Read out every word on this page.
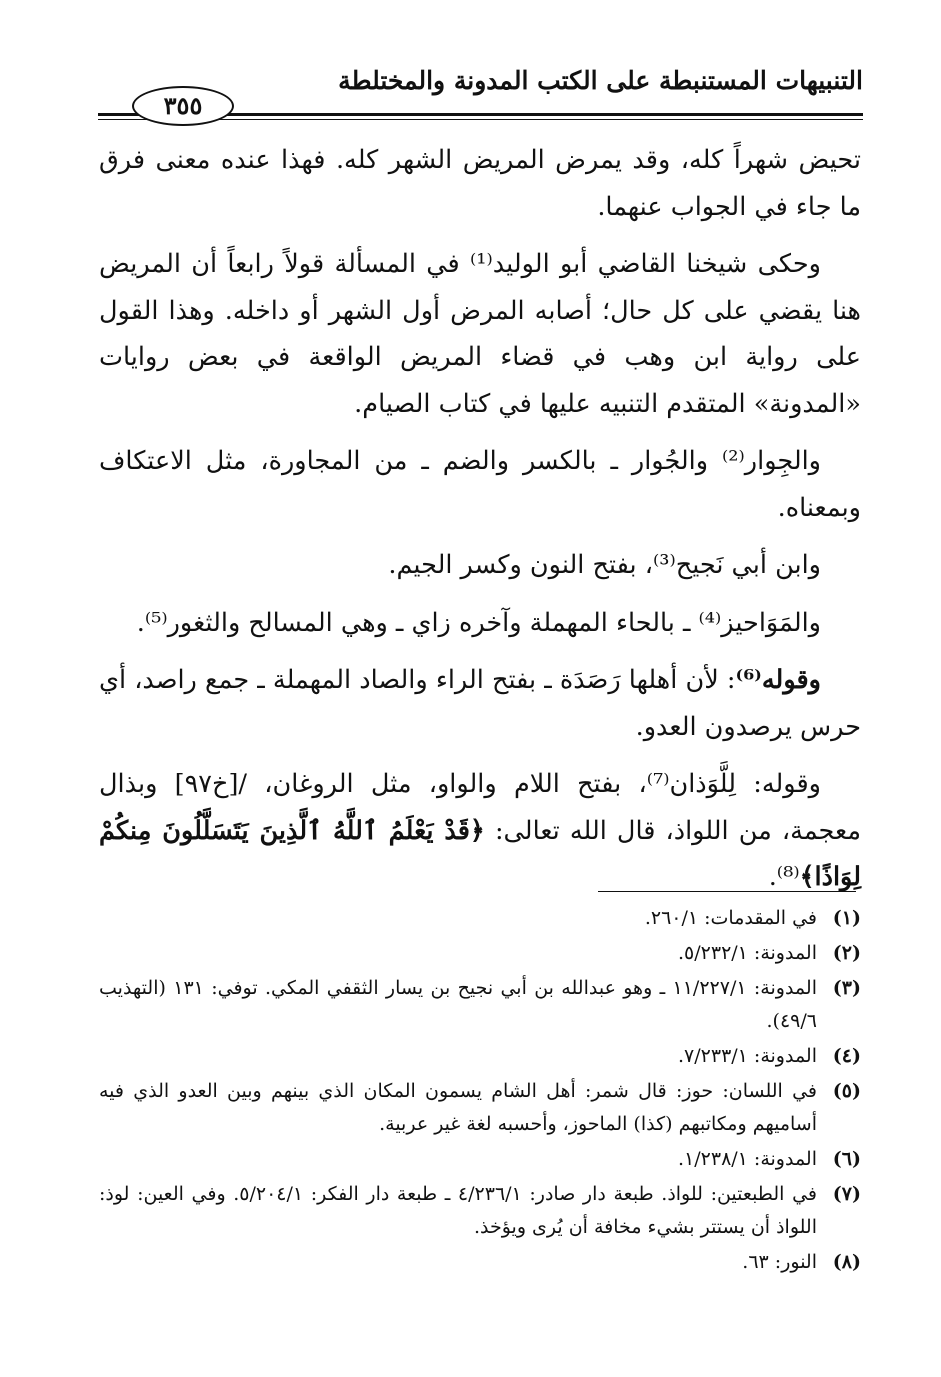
التنبيهات المستنبطة على الكتب المدونة والمختلطة
٣٥٥

تحيض شهراً كله، وقد يمرض المريض الشهر كله. فهذا عنده معنى فرق ما جاء في الجواب عنهما.

وحكى شيخنا القاضي أبو الوليد⁽¹⁾ في المسألة قولاً رابعاً أن المريض هنا يقضي على كل حال؛ أصابه المرض أول الشهر أو داخله. وهذا القول على رواية ابن وهب في قضاء المريض الواقعة في بعض روايات «المدونة» المتقدم التنبيه عليها في كتاب الصيام.

والجِوار⁽²⁾ والجُوار ـ بالكسر والضم ـ من المجاورة، مثل الاعتكاف وبمعناه.

وابن أبي نَجيح⁽³⁾، بفتح النون وكسر الجيم.

والمَوَاحيز⁽⁴⁾ ـ بالحاء المهملة وآخره زاي ـ وهي المسالح والثغور⁽⁵⁾.

وقوله⁽⁶⁾: لأن أهلها رَصَدَة ـ بفتح الراء والصاد المهملة ـ جمع راصد، أي حرس يرصدون العدو.

وقوله: لِلَّوَذان⁽⁷⁾، بفتح اللام والواو، مثل الروغان، /[خ٩٧] وبذال معجمة، من اللواذ، قال الله تعالى: ﴿قَدْ يَعْلَمُ ٱللَّهُ ٱلَّذِينَ يَتَسَلَّلُونَ مِنكُمْ لِوَاذًا﴾⁽⁸⁾.

(١)
في المقدمات: ٢٦٠/١.
(٢)
المدونة: ٥/٢٣٢/١.
(٣)
المدونة: ١١/٢٢٧/١ ـ وهو عبدالله بن أبي نجيح بن يسار الثقفي المكي. توفي: ١٣١ (التهذيب ٤٩/٦).
(٤)
المدونة: ٧/٢٣٣/١.
(٥)
في اللسان: حوز: قال شمر: أهل الشام يسمون المكان الذي بينهم وبين العدو الذي فيه أساميهم ومكاتبهم (كذا) الماحوز، وأحسبه لغة غير عربية.
(٦)
المدونة: ١/٢٣٨/١.
(٧)
في الطبعتين: للواذ. طبعة دار صادر: ٤/٢٣٦/١ ـ طبعة دار الفكر: ٥/٢٠٤/١. وفي العين: لوذ: اللواذ أن يستتر بشيء مخافة أن يُرى ويؤخذ.
(٨)
النور: ٦٣.
